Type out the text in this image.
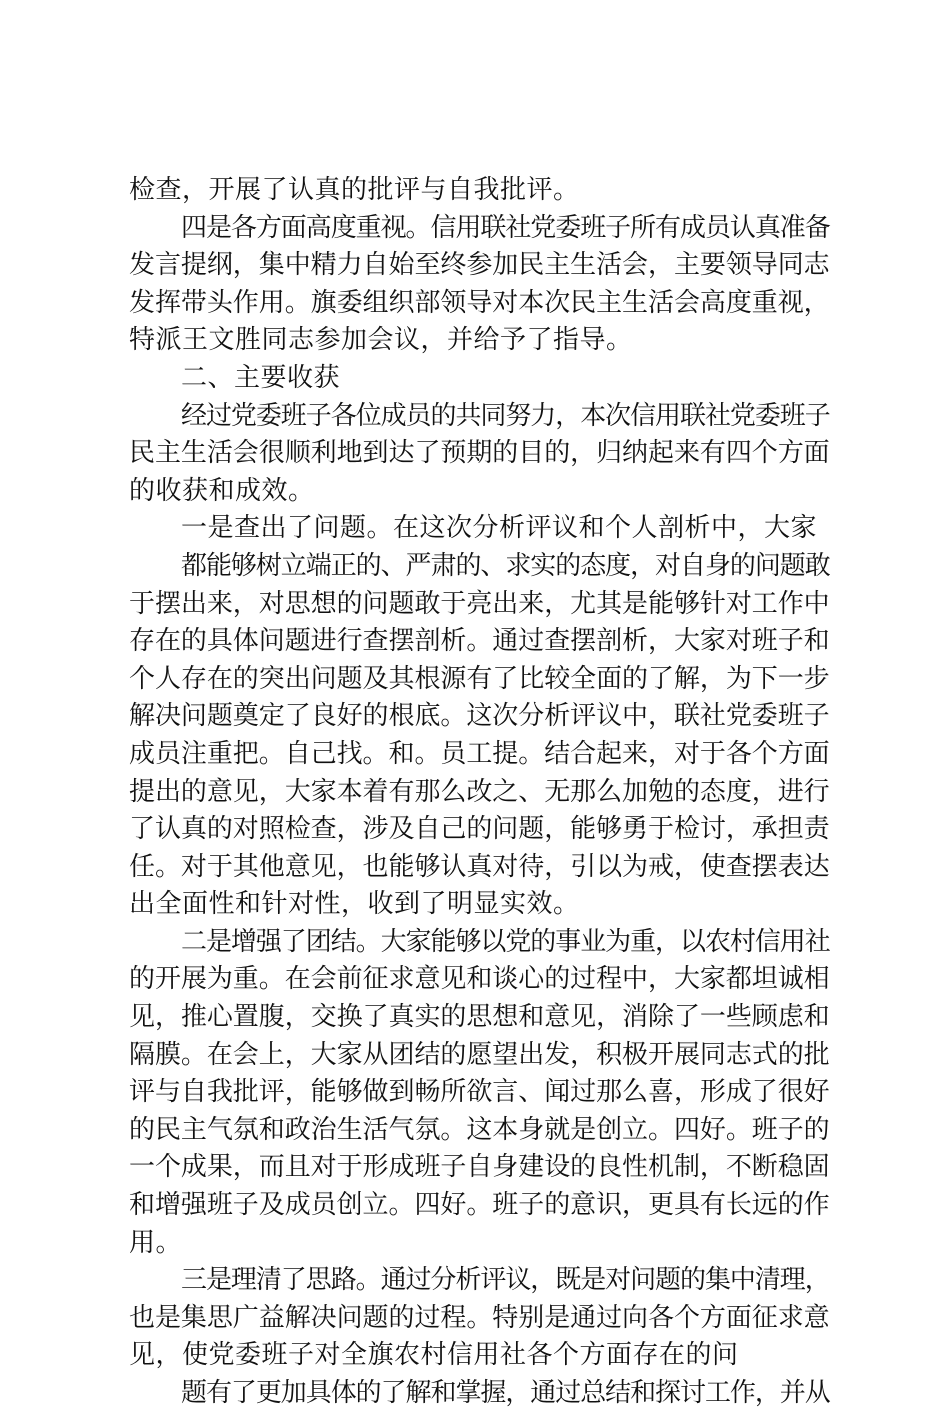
检查，开展了认真的批评与自我批评。
四是各方面高度重视。信用联社党委班子所有成员认真准备
发言提纲，集中精力自始至终参加民主生活会，主要领导同志
发挥带头作用。旗委组织部领导对本次民主生活会高度重视，
特派王文胜同志参加会议，并给予了指导。
二、主要收获
经过党委班子各位成员的共同努力，本次信用联社党委班子
民主生活会很顺利地到达了预期的目的，归纳起来有四个方面
的收获和成效。
一是查出了问题。在这次分析评议和个人剖析中，大家
都能够树立端正的、严肃的、求实的态度，对自身的问题敢
于摆出来，对思想的问题敢于亮出来，尤其是能够针对工作中
存在的具体问题进行查摆剖析。通过查摆剖析，大家对班子和
个人存在的突出问题及其根源有了比较全面的了解，为下一步
解决问题奠定了良好的根底。这次分析评议中，联社党委班子
成员注重把。自己找。和。员工提。结合起来，对于各个方面
提出的意见，大家本着有那么改之、无那么加勉的态度，进行
了认真的对照检查，涉及自己的问题，能够勇于检讨，承担责
任。对于其他意见，也能够认真对待，引以为戒，使查摆表达
出全面性和针对性，收到了明显实效。
二是增强了团结。大家能够以党的事业为重，以农村信用社
的开展为重。在会前征求意见和谈心的过程中，大家都坦诚相
见，推心置腹，交换了真实的思想和意见，消除了一些顾虑和
隔膜。在会上，大家从团结的愿望出发，积极开展同志式的批
评与自我批评，能够做到畅所欲言、闻过那么喜，形成了很好
的民主气氛和政治生活气氛。这本身就是创立。四好。班子的
一个成果，而且对于形成班子自身建设的良性机制，不断稳固
和增强班子及成员创立。四好。班子的意识，更具有长远的作
用。
三是理清了思路。通过分析评议，既是对问题的集中清理，
也是集思广益解决问题的过程。特别是通过向各个方面征求意
见，使党委班子对全旗农村信用社各个方面存在的问
题有了更加具体的了解和掌握，通过总结和探讨工作，并从
